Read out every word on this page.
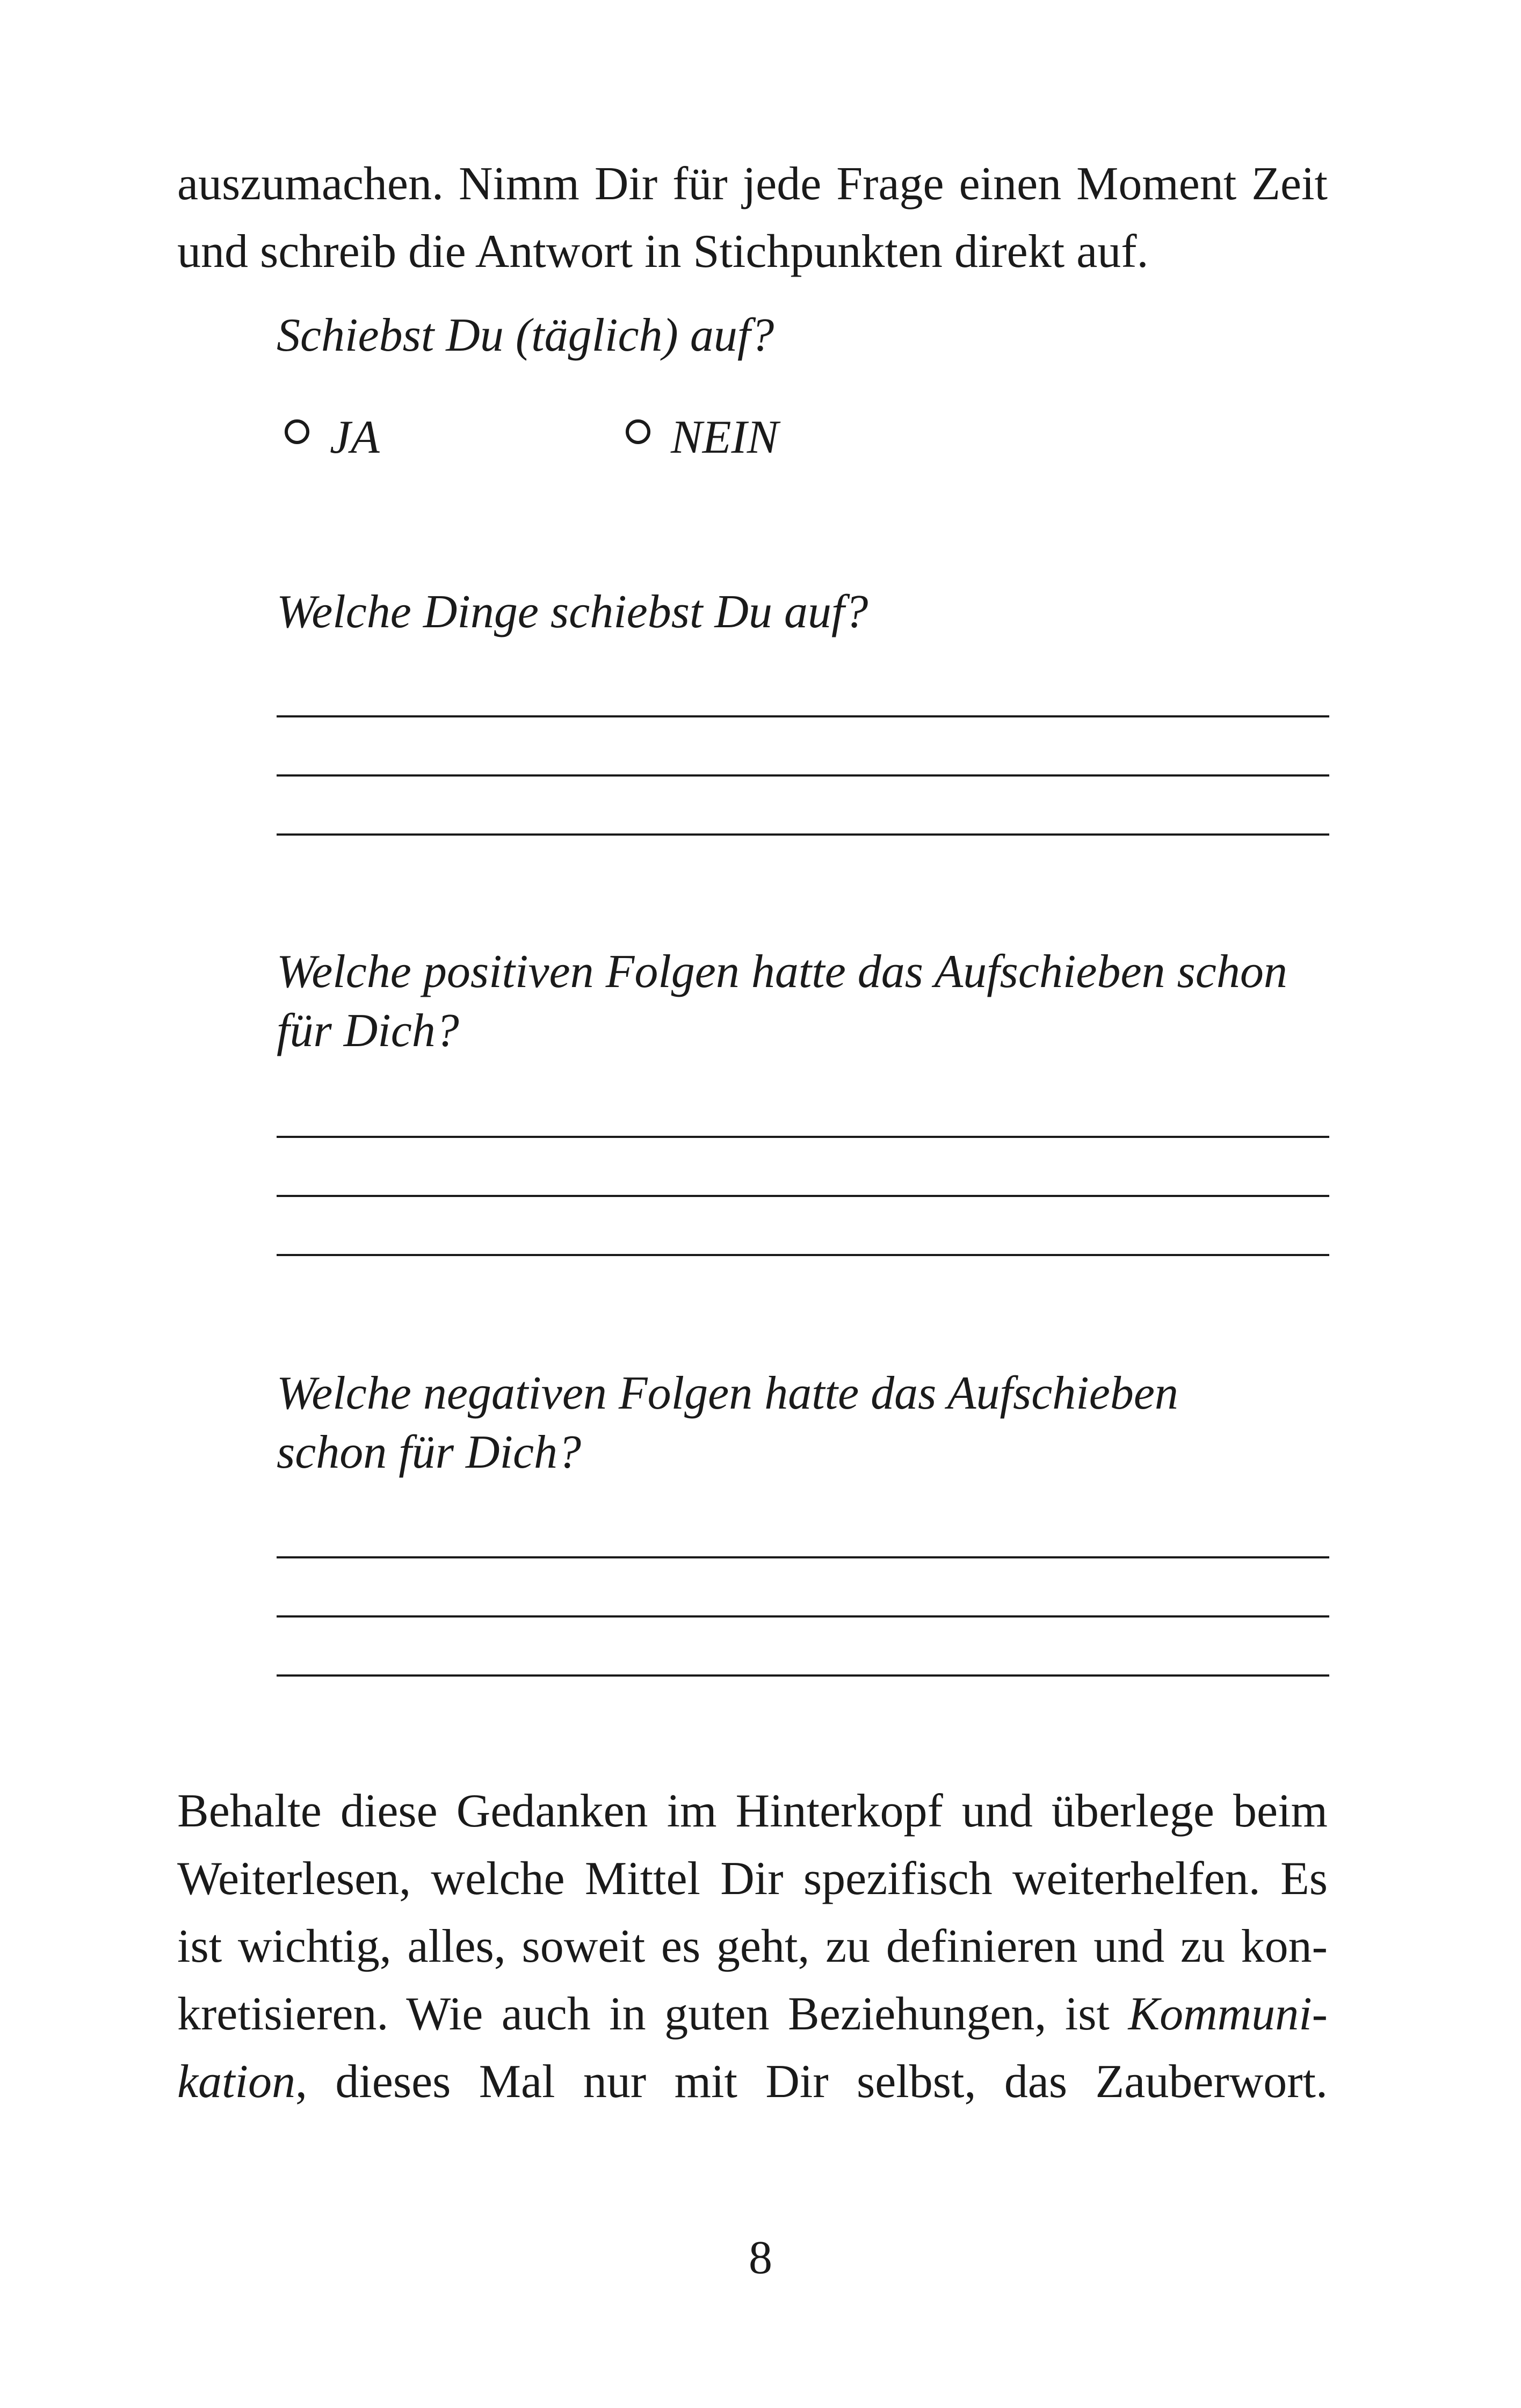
auszumachen. Nimm Dir für jede Frage einen Moment Zeit
und schreib die Antwort in Stichpunkten direkt auf.

Schiebst Du (täglich) auf?

JA	NEIN

Welche Dinge schiebst Du auf?

Welche positiven Folgen hatte das Aufschieben schon
für Dich?

Welche negativen Folgen hatte das Aufschieben
schon für Dich?

Behalte diese Gedanken im Hinterkopf und überlege beim
Weiterlesen, welche Mittel Dir spezifisch weiterhelfen. Es
ist wichtig, alles, soweit es geht, zu definieren und zu kon-
kretisieren. Wie auch in guten Beziehungen, ist Kommuni-
kation, dieses Mal nur mit Dir selbst, das Zauberwort.

8
